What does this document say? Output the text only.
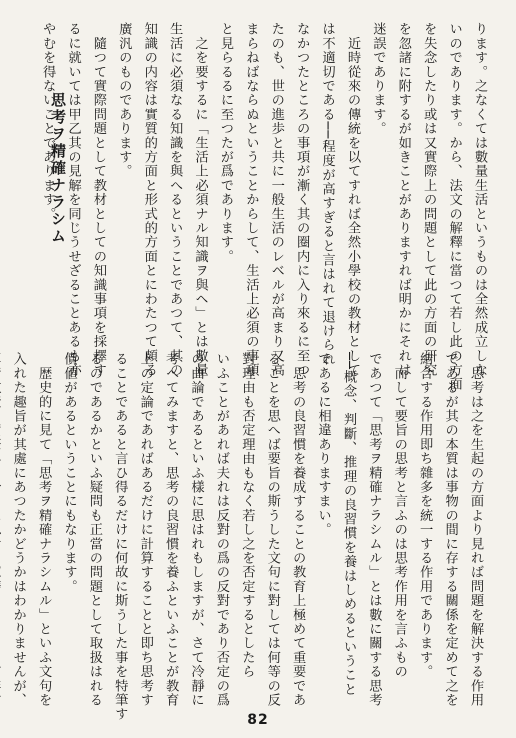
ります。之なくては數量生活というものは全然成立しな
いのであります。から、法文の解釋に當つて若し此の方面
を失念したり或は又實際上の問題として此の方面の研究
を忽諸に附するが如きことがありますれば明かにそれは
迷誤であります。
　近時從來の傳統を以てすれば全然小學校の教材として
は不適切である──程度が高すぎると言はれて退けられ
なかつたところの事項が漸く其の圈内に入り來るに至つ
たのも、世の進歩と共に一般生活のレベルが高まり又高
まらねばならぬということからして、生活上必須の事項
と見らるるに至つたが爲であります。
　之を要するに「生活上必須ナル知識ヲ與ヘ」とは數量
生活に必須なる知識を與へるということであつて、其の
知識の内容は實質的方面と形式的方面とにわたつて頗る
廣汎のものであります。
　隨つて實際問題として教材としての知識事項を採擇す
るに就いては甲乙其の見解を同じうせざることあるも亦
やむを得ないことであります。
思考ヲ精確ナラシム
　思考は之を生起の方面より見れば問題を解決する作用
であるが其の本質は事物の間に存する關係を定めて之を
結合する作用即ち雜多を統一する作用であります。
　而して要旨の思考と言ふのは思考作用を言ふもの
であつて「思考ヲ精確ナラシムル」とは數に關する思考
──概念、判斷、推理の良習慣を養はしめるということ
であるに相違ありますまい。
　思考の良習慣を養成することの教育上極めて重要であ
ることを思へば要旨の斯うした文句に對しては何等の反
對理由も否定理由もなく若し之を否定するとしたら
いふことがあれば夫れは反對の爲の反對であり否定の爲
の曲論であるといふ樣に思はれもしますが、さて冷靜に
考へてみますと、思考の良習慣を養ふといふことが教育
上の定論であればあるだけに計算することと即ち思考す
ることであると言ひ得るだけに何故に斯うした事を特筆す
るのであるかといふ疑問も正當の問題として取扱はれる
價値があるということにもなります。
　歴史的に見て「思考ヲ精確ナラシムル」といふ文句を
入れた趣旨が其處にあつたかどうかはわかりませんが、
82
